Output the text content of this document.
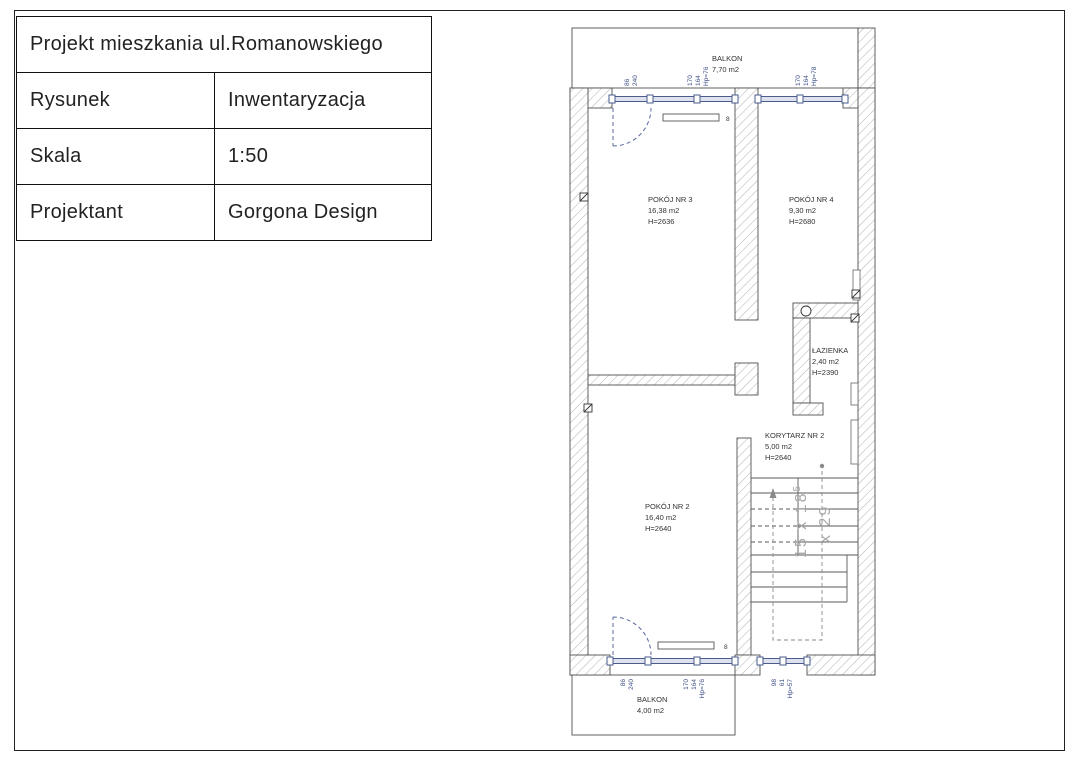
Projekt mieszkania ul.Romanowskiego	
Rysunek	Inwentaryzacja
Skala	1:50
Projektant	Gorgona Design
15 x $18^5$
x 29
8
8
BALKON
7,70 m2
POKÓJ NR 3
16,38 m2
H=2636
POKÓJ NR 4
9,30 m2
H=2680
ŁAZIENKA
2,40 m2
H=2390
KORYTARZ NR 2
5,00 m2
H=2640
POKÓJ NR 2
16,40 m2
H=2640
BALKON
4,00 m2
86 240	170 164 Hp=76	170 164 Hp=78
86 240	170 164 Hp=76	98 61 Hp=57
